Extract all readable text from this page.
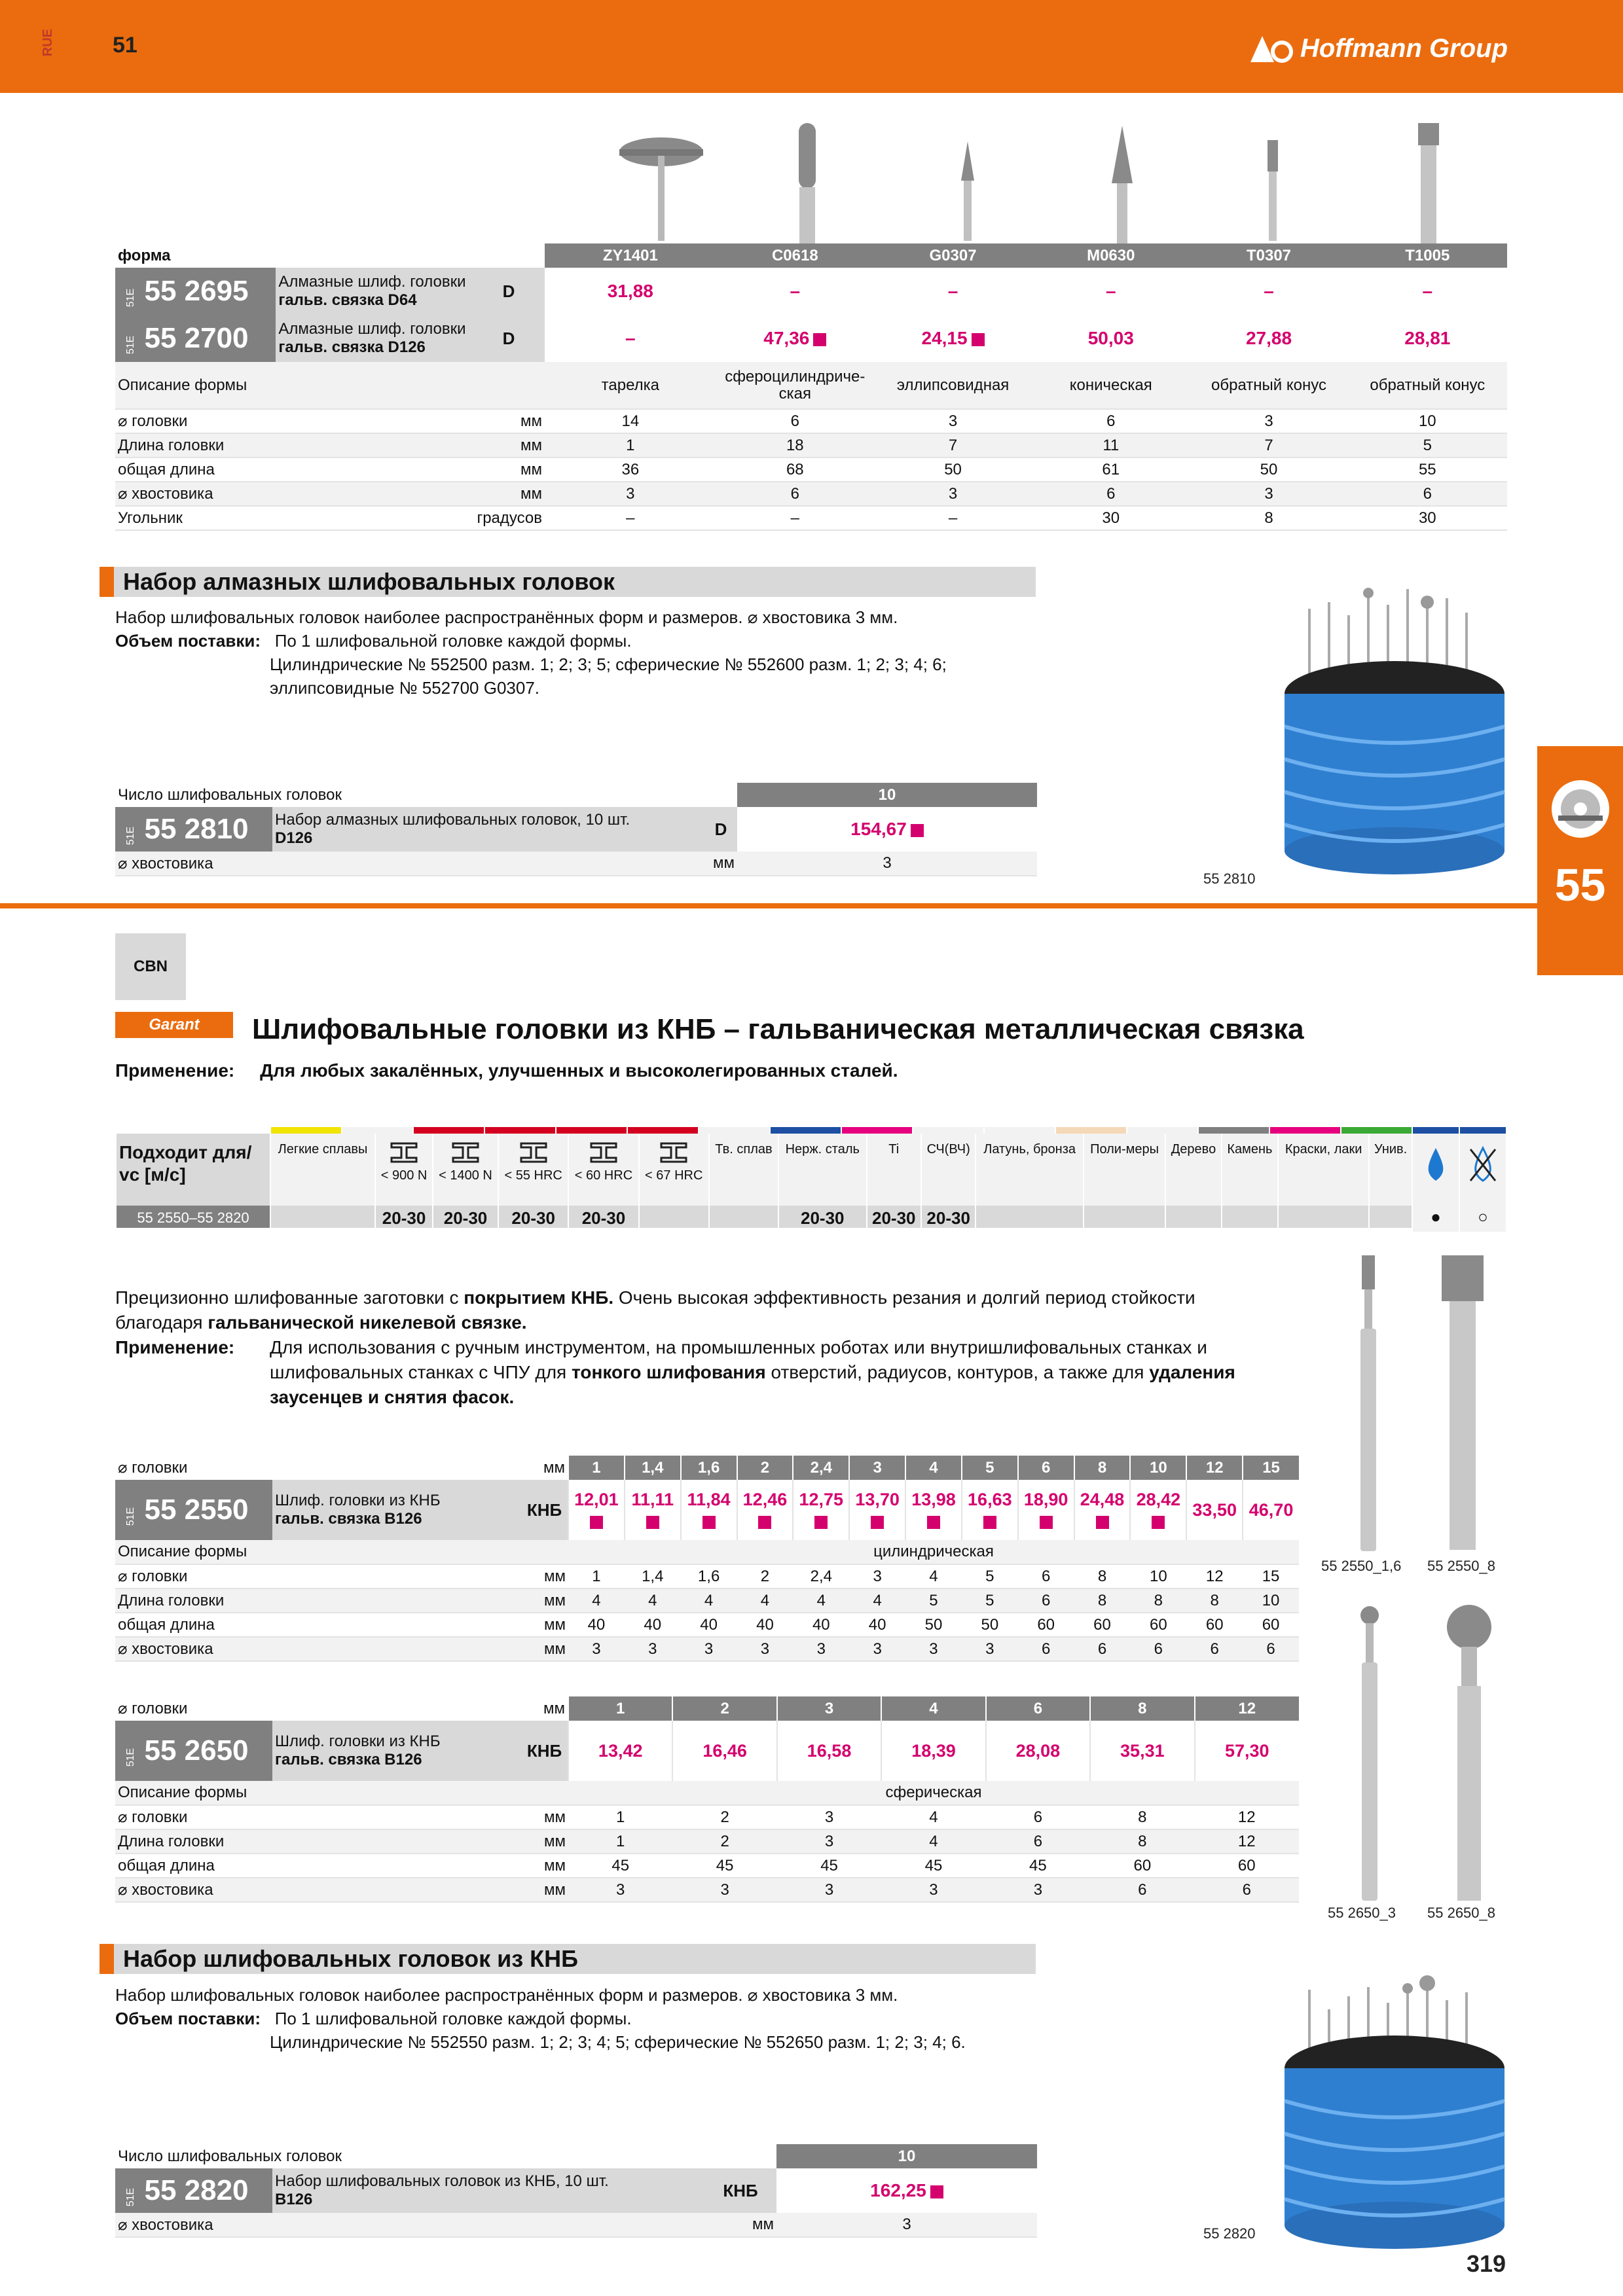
RUE	51	Hoffmann Group
55
форма			ZY1401	C0618	G0307	M0630	T0307	T1005
51E 55 2695	Алмазные шлиф. головки
гальв. связка D64	D	31,88	–	–	–	–	–
51E 55 2700	Алмазные шлиф. головки
гальв. связка D126	D	–	47,36	24,15	50,03	27,88	28,81
Описание формы			тарелка	сфероцилиндриче-ская	эллипсовидная	коническая	обратный конус	обратный конус
⌀ головки		мм	14	6	3	6	3	10
Длина головки		мм	1	18	7	11	7	5
общая длина		мм	36	68	50	61	50	55
⌀ хвостовика		мм	3	6	3	6	3	6
Угольник		градусов	–	–	–	30	8	30
Набор алмазных шлифовальных головок
Набор шлифовальных головок наиболее распространённых форм и размеров. ⌀ хвостовика 3 мм.
Объем поставки: По 1 шлифовальной головке каждой формы.
Цилиндрические № 552500 разм. 1; 2; 3; 5; сферические № 552600 разм. 1; 2; 3; 4; 6;
эллипсовидные № 552700 G0307.
Число шлифовальных головок			10
51E 55 2810	Набор алмазных шлифовальных головок, 10 шт.
D126	D	154,67
⌀ хвостовика		мм	3
55 2810
CBN
Garant Шлифовальные головки из КНБ – гальваническая металлическая связка
Применение: Для любых закалённых, улучшенных и высоколегированных сталей.
Подходит для/
vc [м/с]	Легкие сплавы	< 900 N	< 1400 N	< 55 HRC	< 60 HRC	< 67 HRC	Тв. сплав	Нерж. сталь	Ti	СЧ(ВЧ)	Латунь, бронза	Поли-меры	Дерево	Камень	Краски, лаки	Унив.

55 2550–55 2820		20-30	20-30	20-30	20-30			20-30	20-30	20-30							●	○
Прецизионно шлифованные заготовки с покрытием КНБ. Очень высокая эффективность резания и долгий период стойкости
благодаря гальванической никелевой связке.
Применение:	Для использования с ручным инструментом, на промышленных роботах или внутришлифовальных станках и
шлифовальных станках с ЧПУ для тонкого шлифования отверстий, радиусов, контуров, а также для удаления
заусенцев и снятия фасок.
⌀ головки		мм	1	1,4	1,6	2	2,4	3	4	5	6	8	10	12	15
51E 55 2550	Шлиф. головки из КНБ
гальв. связка B126	КНБ	12,01	11,11	11,84	12,46	12,75	13,70	13,98	16,63	18,90	24,48	28,42	33,50	46,70

Описание формы			цилиндрическая												
⌀ головки		мм	1	1,4	1,6	2	2,4	3	4	5	6	8	10	12	15
Длина головки		мм	4	4	4	4	4	4	5	5	6	8	8	8	10
общая длина		мм	40	40	40	40	40	40	50	50	60	60	60	60	60
⌀ хвостовика		мм	3	3	3	3	3	3	3	3	6	6	6	6	6
⌀ головки		мм	1	2	3	4	6	8	12
51E 55 2650	Шлиф. головки из КНБ
гальв. связка B126	КНБ	13,42	16,46	16,58	18,39	28,08	35,31	57,30

Описание формы			сферическая						
⌀ головки		мм	1	2	3	4	6	8	12
Длина головки		мм	1	2	3	4	6	8	12
общая длина		мм	45	45	45	45	45	60	60
⌀ хвостовика		мм	3	3	3	3	3	6	6
55 2550_1,6 55 2550_8
55 2650_3 55 2650_8
Набор шлифовальных головок из КНБ
Набор шлифовальных головок наиболее распространённых форм и размеров. ⌀ хвостовика 3 мм.
Объем поставки: По 1 шлифовальной головке каждой формы.
Цилиндрические № 552550 разм. 1; 2; 3; 4; 5; сферические № 552650 разм. 1; 2; 3; 4; 6.
Число шлифовальных головок			10
51E 55 2820	Набор шлифовальных головок из КНБ, 10 шт.
B126	КНБ	162,25
⌀ хвостовика		мм	3
55 2820
319
